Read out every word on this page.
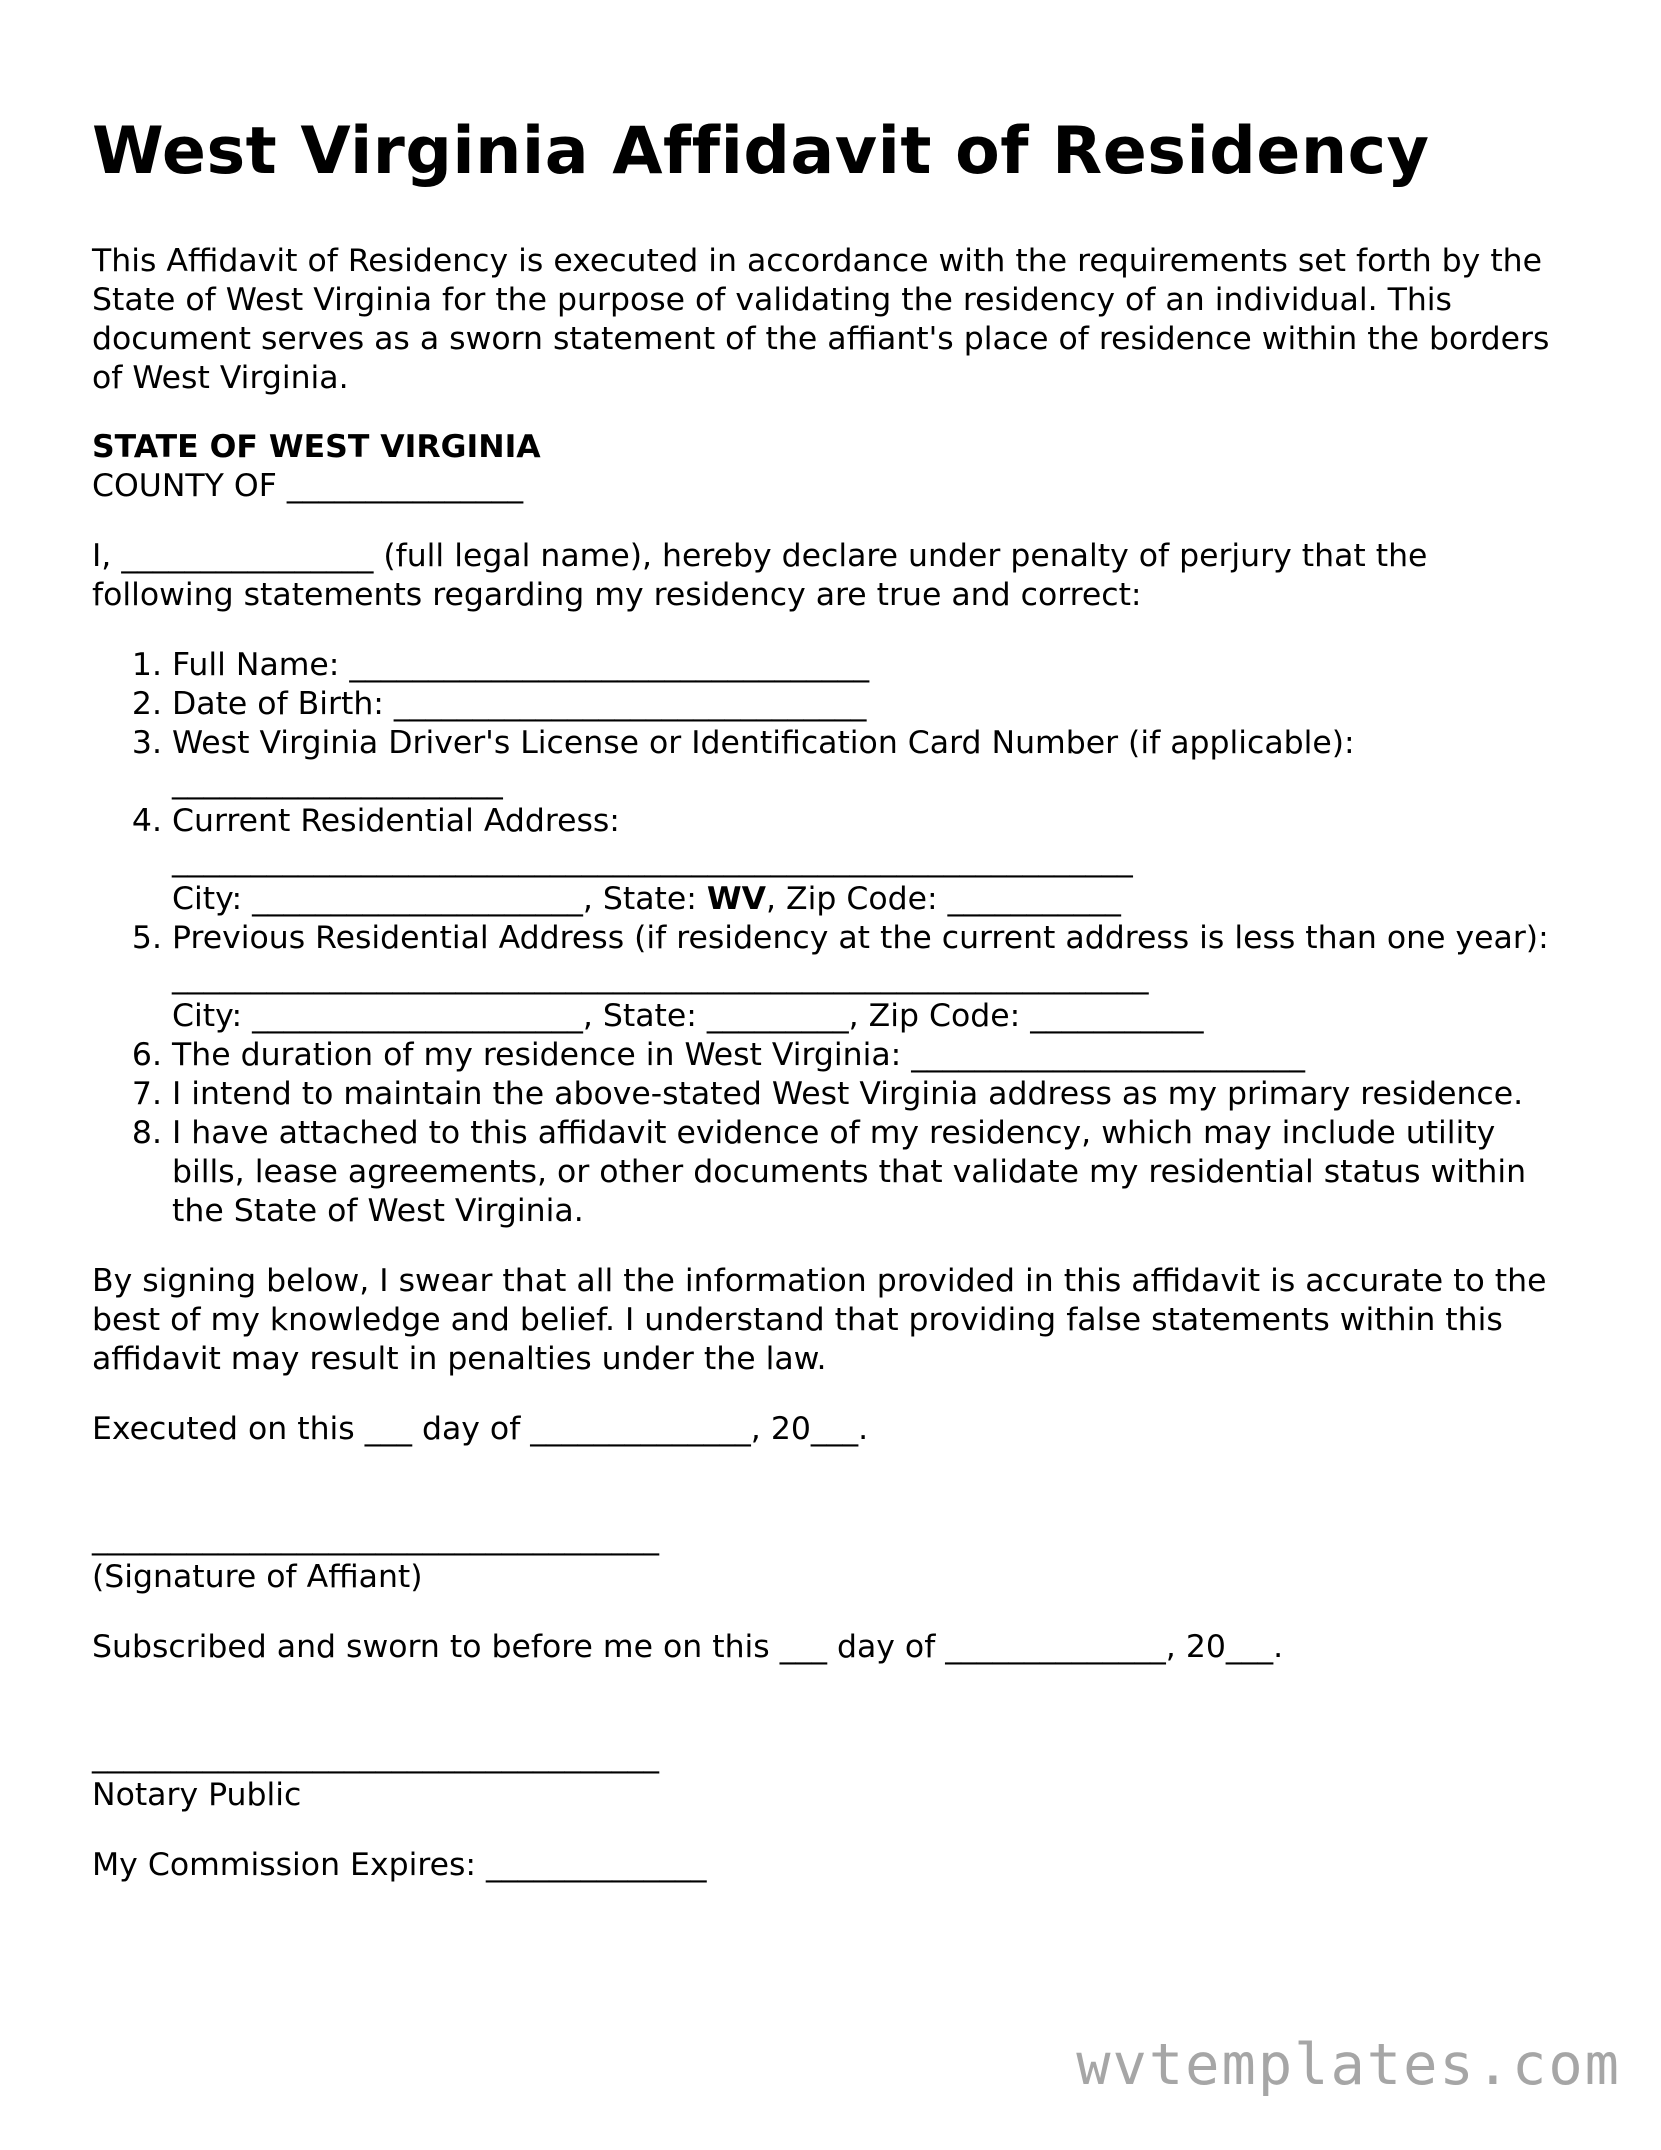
West Virginia Affidavit of Residency

This Affidavit of Residency is executed in accordance with the requirements set forth by the State of West Virginia for the purpose of validating the residency of an individual. This document serves as a sworn statement of the affiant's place of residence within the borders of West Virginia.

STATE OF WEST VIRGINIA

COUNTY OF _______________

I, ________________ (full legal name), hereby declare under penalty of perjury that the following statements regarding my residency are true and correct:

1. Full Name: _________________________________
2. Date of Birth: ______________________________
3. West Virginia Driver's License or Identification Card Number (if applicable):
_____________________
4. Current Residential Address:
_____________________________________________________________
City: _____________________, State: WV, Zip Code: ___________
5. Previous Residential Address (if residency at the current address is less than one year): ______________________________________________________________
City: _____________________, State: _________, Zip Code: ___________
6. The duration of my residence in West Virginia: _________________________
7. I intend to maintain the above-stated West Virginia address as my primary residence.
8. I have attached to this affidavit evidence of my residency, which may include utility bills, lease agreements, or other documents that validate my residential status within the State of West Virginia.

By signing below, I swear that all the information provided in this affidavit is accurate to the best of my knowledge and belief. I understand that providing false statements within this affidavit may result in penalties under the law.

Executed on this ___ day of ______________, 20___.

____________________________________

(Signature of Affiant)

Subscribed and sworn to before me on this ___ day of ______________, 20___.

____________________________________

Notary Public

My Commission Expires: ______________

wvtemplates.com
